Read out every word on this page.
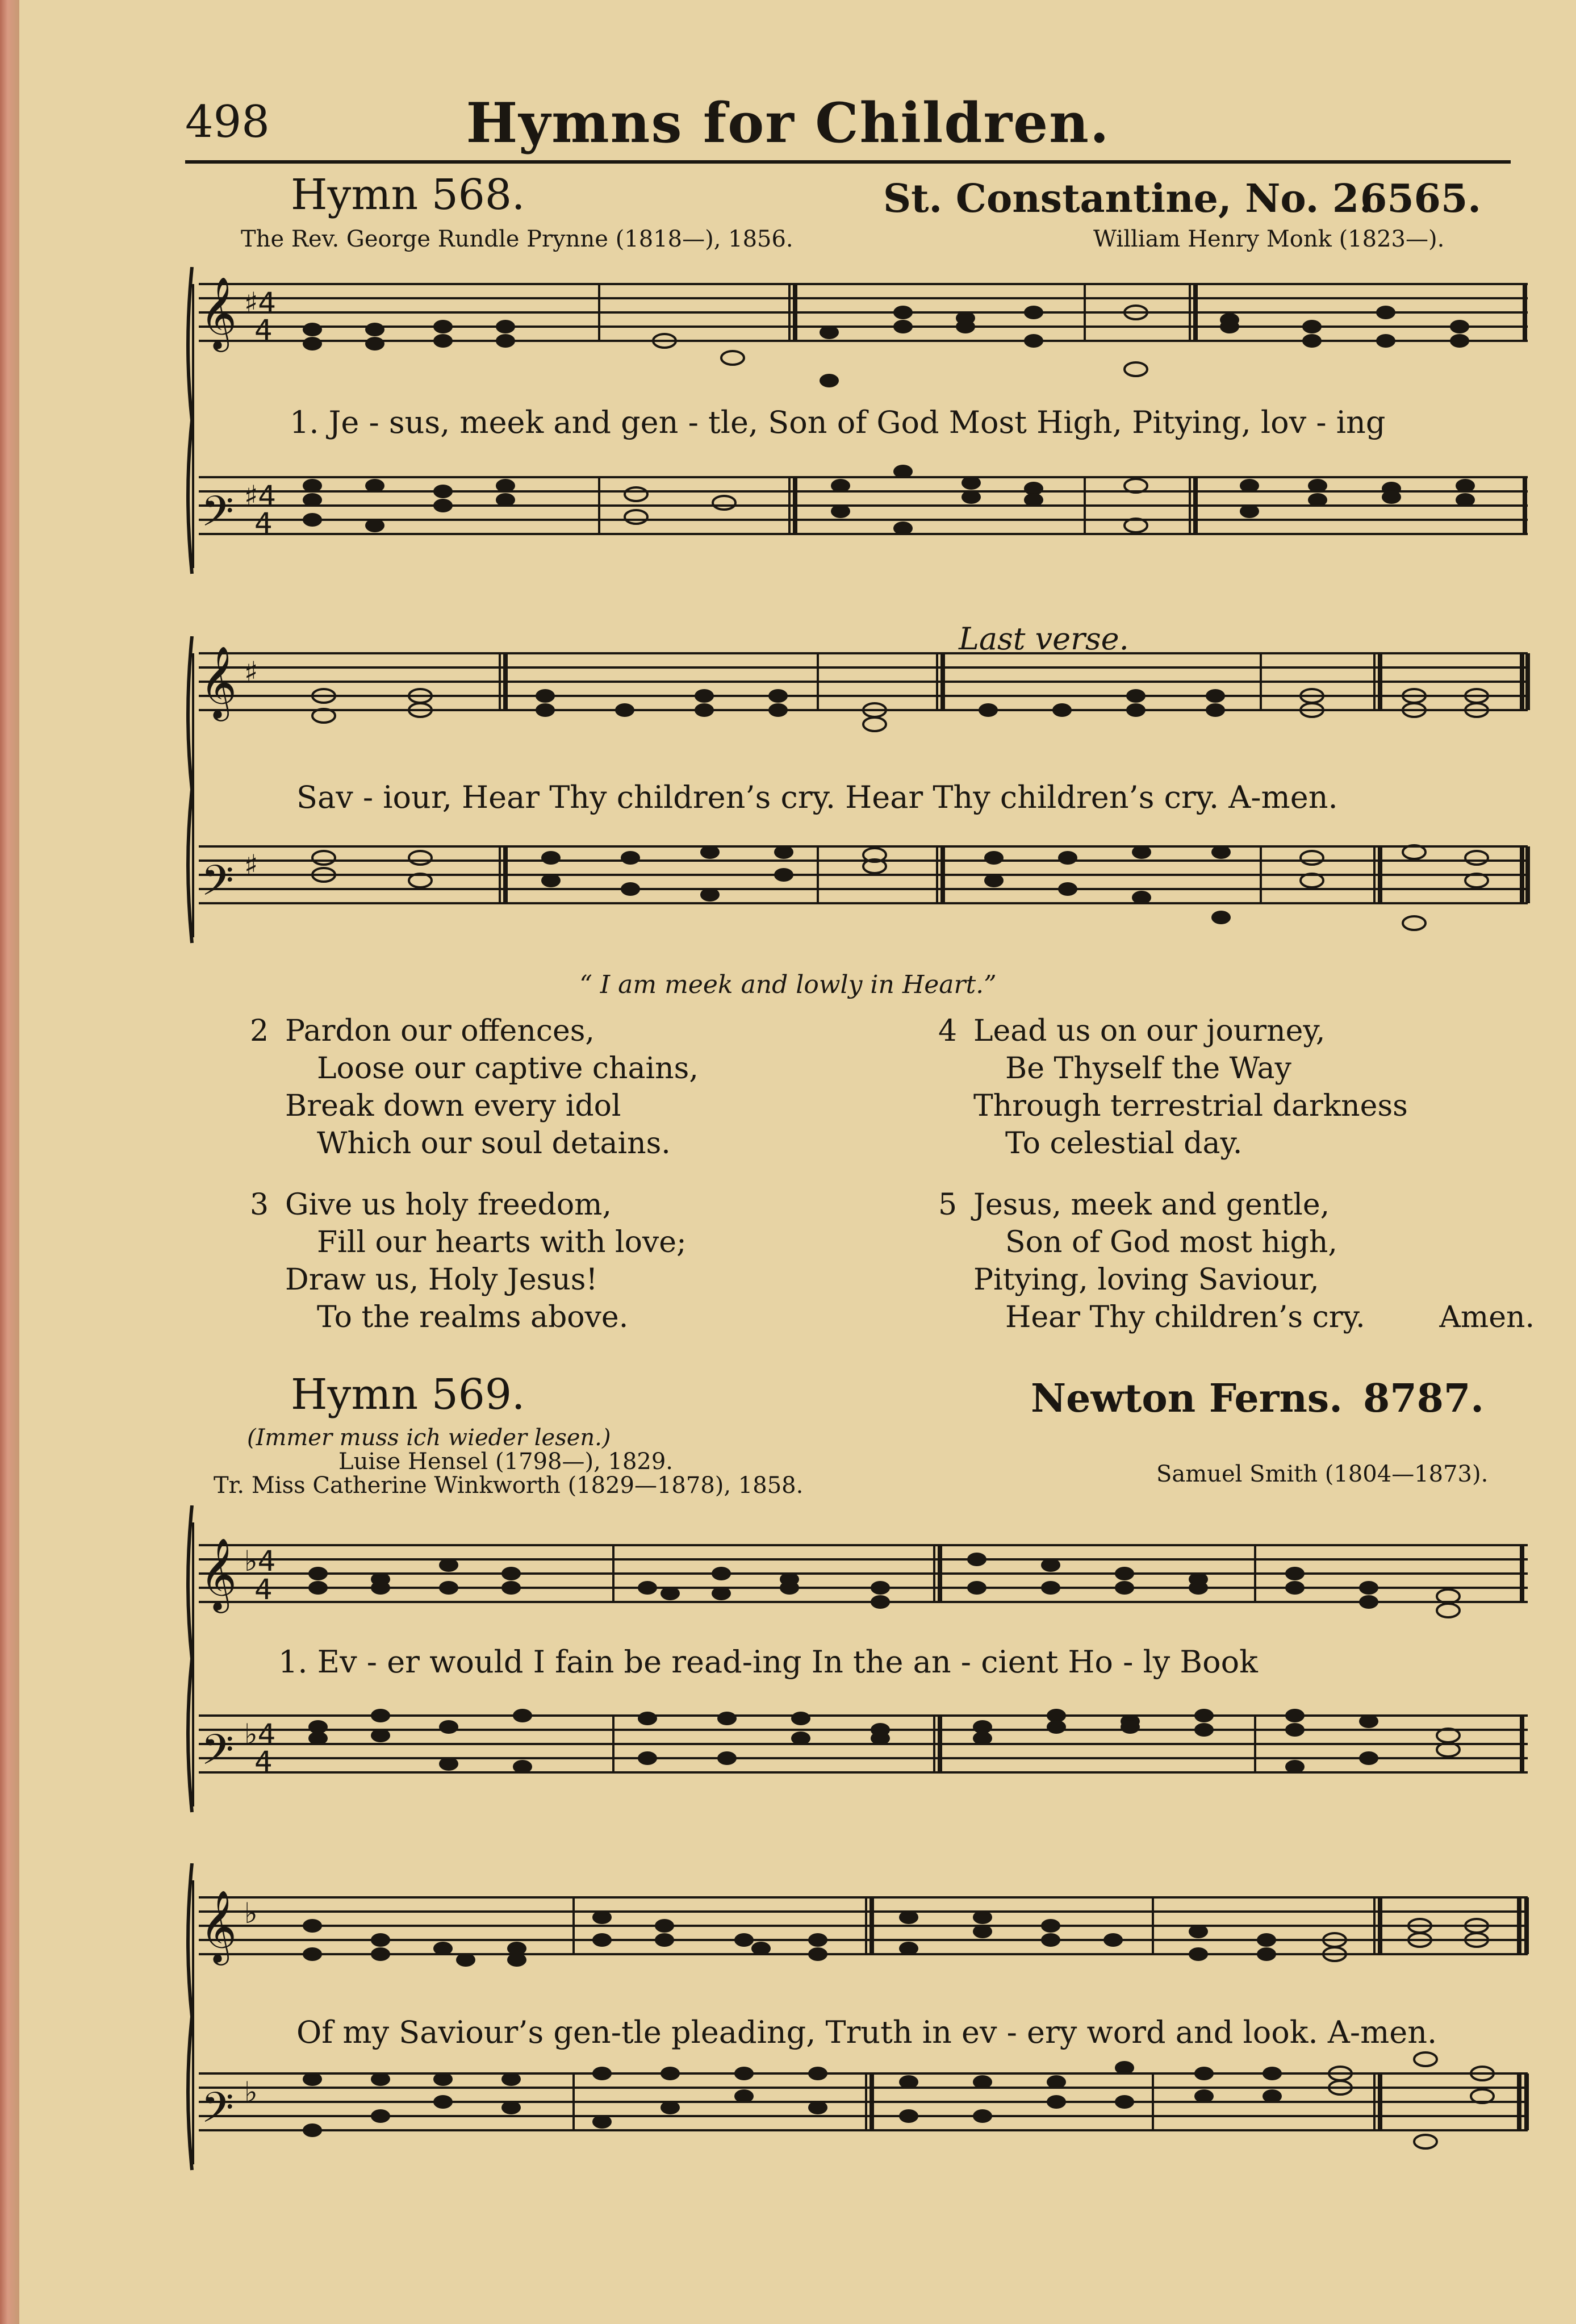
498	Hymns for Children.
Hymn 568.	St. Constantine, No. 2.
6565.
The Rev. George Rundle Prynne (1818—), 1856.	William Henry Monk (1823—).
𝄞 ♯4
4
𝄢 ♯4
4
1. Je - sus, meek and gen - tle, Son of God Most High, Pitying, lov - ing
Last verse.
𝄞 ♯
𝄢 ♯
Sav - iour, Hear Thy children’s cry. Hear Thy children’s cry. A-men.
“ I am meek and lowly in Heart.”
2 Pardon our offences,
Loose our captive chains,
Break down every idol
Which our soul detains.
3 Give us holy freedom,
Fill our hearts with love;
Draw us, Holy Jesus!
To the realms above.
4 Lead us on our journey,
Be Thyself the Way
Through terrestrial darkness
To celestial day.
5 Jesus, meek and gentle,
Son of God most high,
Pitying, loving Saviour,
Hear Thy children’s cry.	Amen.
Hymn 569.	Newton Ferns. 8787.
(Immer muss ich wieder lesen.)
Luise Hensel (1798—), 1829.
Tr. Miss Catherine Winkworth (1829—1878), 1858.	Samuel Smith (1804—1873).
𝄞 ♭4
4
𝄢 ♭4
4
1. Ev - er would I fain be read-ing In the an - cient Ho - ly Book
𝄞 ♭
𝄢 ♭
Of my Saviour’s gen-tle pleading, Truth in ev - ery word and look. A-men.
